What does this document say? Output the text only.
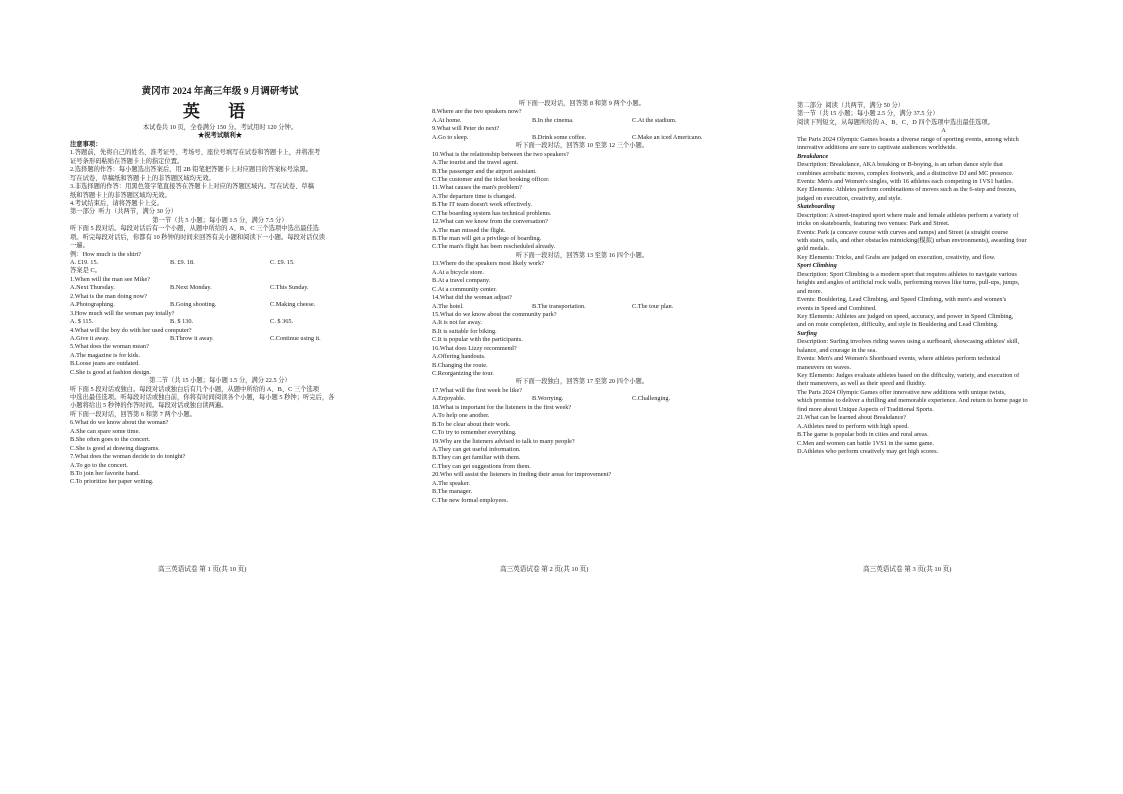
黄冈市 2024 年高三年级 9 月调研考试
英 语
本试卷共 10 页，全卷满分 150 分。考试用时 120 分钟。
★祝考试顺利★
注意事项：
1.答题前，先将自己的姓名、准考证号、考场号、座位号填写在试卷和答题卡上，并将准考
证号条形码粘贴在答题卡上的指定位置。
2.选择题的作答：每小题选出答案后，用 2B 铅笔把答题卡上对应题目的答案标号涂黑。
写在试卷、草稿纸和答题卡上的非答题区域均无效。
3.非选择题的作答：用黑色签字笔直接答在答题卡上对应的答题区域内。写在试卷、草稿
纸和答题卡上的非答题区域均无效。
4.考试结束后，请将答题卡上交。
第一部分  听力（共两节，满分 30 分）
第一节（共 5 小题；每小题 1.5 分，满分 7.5 分）
听下面 5 段对话。每段对话后有一个小题，从题中所给的 A、B、C 三个选项中选出最佳选
项。听完每段对话后，你都有 10 秒钟的时间来回答有关小题和阅读下一小题。每段对话仅读
一遍。
例：How much is the shirt?
A. £19. 15.	B. £9. 18.	C. £9. 15.
答案是 C。
1.When will the man see Mike?
A.Next Thursday.	B.Next Monday.	C.This Sunday.
2.What is the man doing now?
A.Photographing.	B.Going shooting.	C.Making cheese.
3.How much will the woman pay totally?
A. $ 115.	B. $ 130.	C. $ 365.
4.What will the boy do with her used computer?
A.Give it away.	B.Throw it away.	C.Continue using it.
5.What does the woman mean?
A.The magazine is for kids.
B.Loose jeans are outdated.
C.She is good at fashion design.
第二节（共 15 小题；每小题 1.5 分，满分 22.5 分）
听下面 5 段对话或独白。每段对话或独白后有几个小题，从题中所给的 A、B、C 三个选项
中选出最佳选项。听每段对话或独白前，你将有时间阅读各个小题，每小题 5 秒钟；听完后，各
小题将给出 5 秒钟的作答时间。每段对话或独白读两遍。
听下面一段对话，回答第 6 和第 7 两个小题。
6.What do we know about the woman?
A.She can spare some time.
B.She often goes to the concert.
C.She is good at drawing diagrams.
7.What does the woman decide to do tonight?
A.To go to the concert.
B.To join her favorite band.
C.To prioritize her paper writing.
听下面一段对话，回答第 8 和第 9 两个小题。
8.Where are the two speakers now?
A.At home.	B.In the cinema.	C.At the stadium.
9.What will Peter do next?
A.Go to sleep.	B.Drink some coffee.	C.Make an iced Americano.
听下面一段对话，回答第 10 至第 12 三个小题。
10.What is the relationship between the two speakers?
A.The tourist and the travel agent.
B.The passenger and the airport assistant.
C.The customer and the ticket booking officer.
11.What causes the man's problem?
A.The departure time is changed.
B.The IT team doesn't work effectively.
C.The boarding system has technical problems.
12.What can we know from the conversation?
A.The man missed the flight.
B.The man will get a privilege of boarding.
C.The man's flight has been rescheduled already.
听下面一段对话，回答第 13 至第 16 四个小题。
13.Where do the speakers most likely work?
A.At a bicycle store.
B.At a travel company.
C.At a community center.
14.What did the woman adjust?
A.The hotel.	B.The transportation.	C.The tour plan.
15.What do we know about the community park?
A.It is not far away.
B.It is suitable for biking.
C.It is popular with the participants.
16.What does Lizzy recommend?
A.Offering handouts.
B.Changing the route.
C.Reorganizing the tour.
听下面一段独白，回答第 17 至第 20 四个小题。
17.What will the first week be like?
A.Enjoyable.	B.Worrying.	C.Challenging.
18.What is important for the listeners in the first week?
A.To help one another.
B.To be clear about their work.
C.To try to remember everything.
19.Why are the listeners advised to talk to many people?
A.They can get useful information.
B.They can get familiar with them.
C.They can get suggestions from them.
20.Who will assist the listeners in finding their areas for improvement?
A.The speaker.
B.The manager.
C.The new formal employees.
第二部分  阅读（共两节，满分 50 分）
第一节（共 15 小题；每小题 2.5 分，满分 37.5 分）
阅读下列短文，从每题所给的 A、B、C、D 四个选项中选出最佳选项。
A
The Paris 2024 Olympic Games boasts a diverse range of sporting events, among which
innovative additions are sure to captivate audiences worldwide.
Breakdance
Description: Breakdance, AKA breaking or B-boying, is an urban dance style that
combines acrobatic moves, complex footwork, and a distinctive DJ and MC presence.
Events: Men's and Women's singles, with 16 athletes each competing in 1VS1 battles.
Key Elements: Athletes perform combinations of moves such as the 6-step and freezes,
judged on execution, creativity, and style.
Skateboarding
Description: A street-inspired sport where male and female athletes perform a variety of
tricks on skateboards, featuring two venues: Park and Street.
Events: Park (a concave course with curves and ramps) and Street (a straight course
with stairs, rails, and other obstacles mimicking(模拟) urban environments), awarding four
gold medals.
Key Elements: Tricks, and Grabs are judged on execution, creativity, and flow.
Sport Climbing
Description: Sport Climbing is a modern sport that requires athletes to navigate various
heights and angles of artificial rock walls, performing moves like turns, pull-ups, jumps,
and more.
Events: Bouldering, Lead Climbing, and Speed Climbing, with men's and women's
events in Speed and Combined.
Key Elements: Athletes are judged on speed, accuracy, and power in Speed Climbing,
and on route completion, difficulty, and style in Bouldering and Lead Climbing.
Surfing
Description: Surfing involves riding waves using a surfboard, showcasing athletes' skill,
balance, and courage in the sea.
Events: Men's and Women's Shortboard events, where athletes perform technical
maneuvers on waves.
Key Elements: Judges evaluate athletes based on the difficulty, variety, and execution of
their maneuvers, as well as their speed and fluidity.
The Paris 2024 Olympic Games offer innovative new additions with unique twists,
which promise to deliver a thrilling and memorable experience. And return to home page to
find more about Unique Aspects of Traditional Sports.
21.What can be learned about Breakdance?
A.Athletes need to perform with high speed.
B.The game is popular both in cities and rural areas.
C.Men and women can battle 1VS1 in the same game.
D.Athletes who perform creatively may get high scores.
高三英语试卷 第 1 页(共 10 页)	高三英语试卷 第 2 页(共 10 页)	高三英语试卷 第 3 页(共 10 页)
